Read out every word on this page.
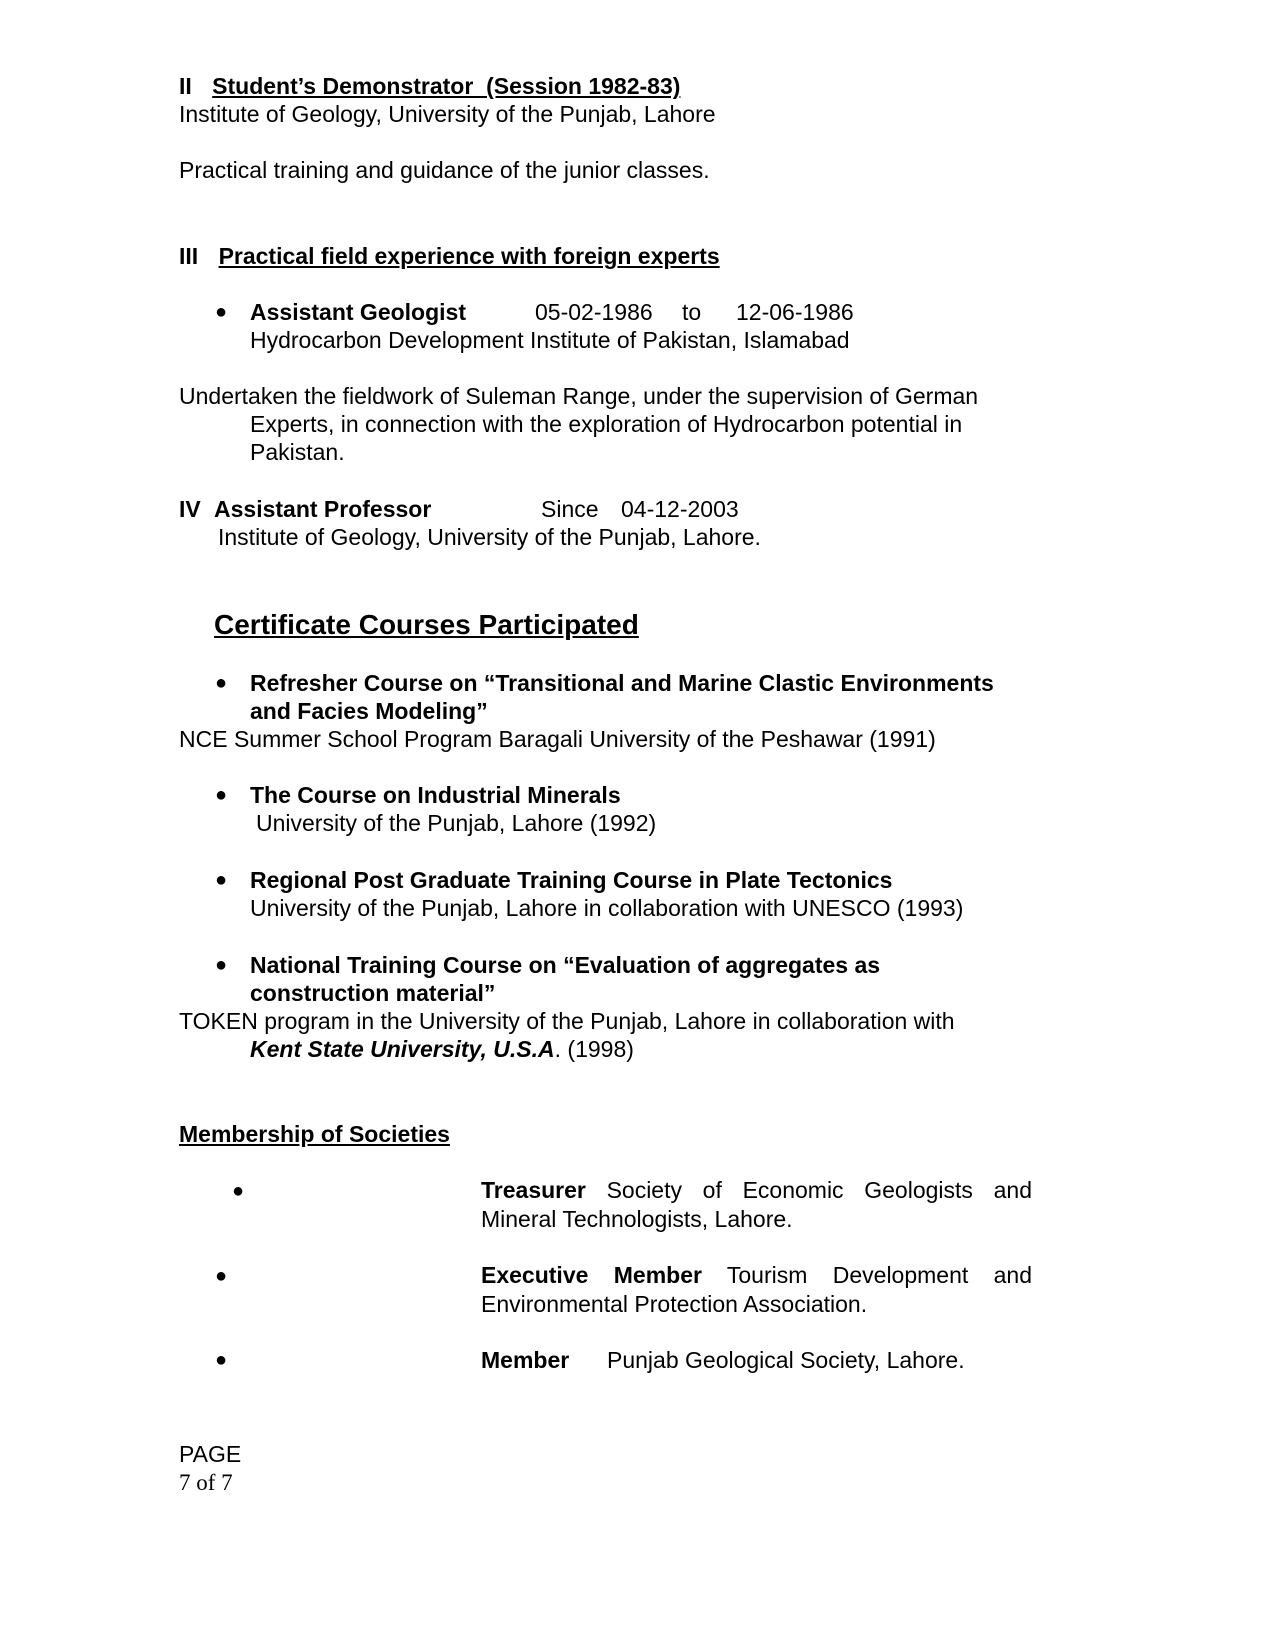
II Student’s Demonstrator  (Session 1982-83)
Institute of Geology, University of the Punjab, Lahore
Practical training and guidance of the junior classes.
III Practical field experience with foreign experts
● Assistant Geologist	05-02-1986 to 12-06-1986
Hydrocarbon Development Institute of Pakistan, Islamabad
Undertaken the fieldwork of Suleman Range, under the supervision of German
Experts, in connection with the exploration of Hydrocarbon potential in
Pakistan.
IV Assistant Professor	Since 04-12-2003
Institute of Geology, University of the Punjab, Lahore.
Certificate Courses Participated
● Refresher Course on “Transitional and Marine Clastic Environments
and Facies Modeling”
NCE Summer School Program Baragali University of the Peshawar (1991)
● The Course on Industrial Minerals
University of the Punjab, Lahore (1992)
● Regional Post Graduate Training Course in Plate Tectonics
University of the Punjab, Lahore in collaboration with UNESCO (1993)
● National Training Course on “Evaluation of aggregates as
construction material”
TOKEN program in the University of the Punjab, Lahore in collaboration with
Kent State University, U.S.A. (1998)
Membership of Societies
●	Treasurer Society of Economic Geologists and
Mineral Technologists, Lahore.
●	Executive Member Tourism Development and
Environmental Protection Association.
●	Member Punjab Geological Society, Lahore.
PAGE
7 of 7
